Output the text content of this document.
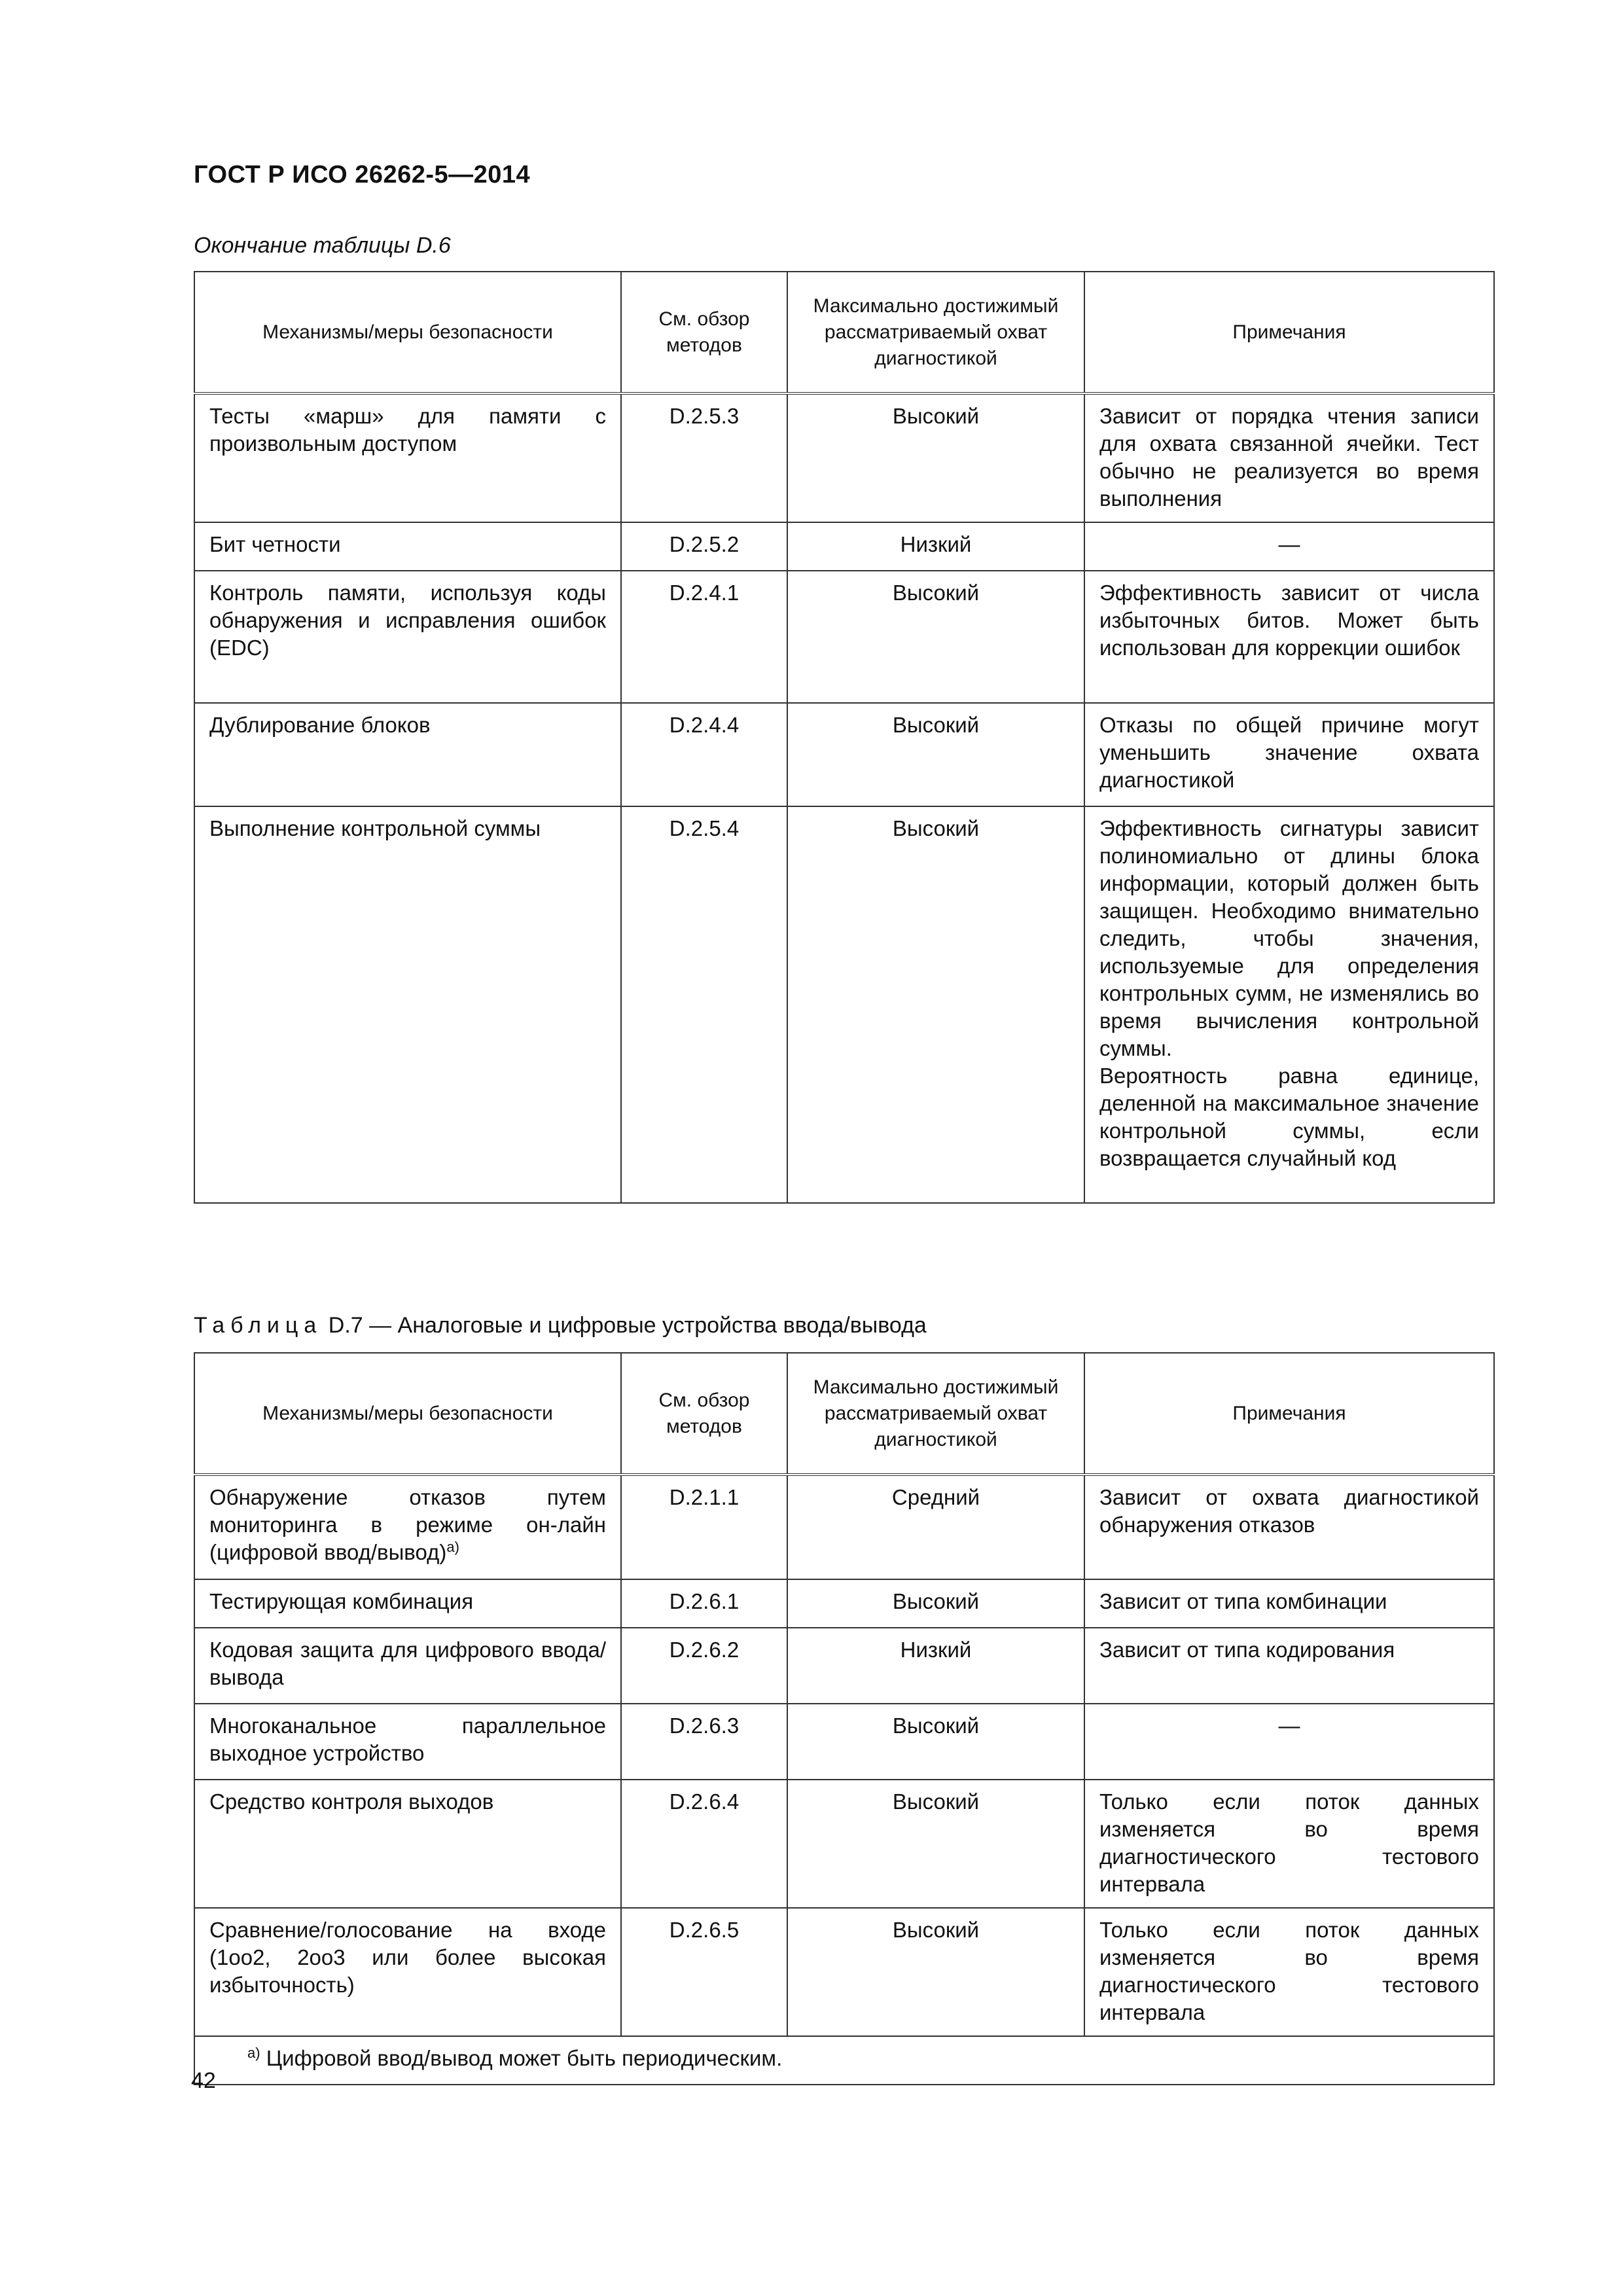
ГОСТ Р ИСО 26262-5—2014
Окончание таблицы D.6
Механизмы/меры безопасности	См. обзор методов	Максимально достижимый рассматриваемый охват диагностикой	Примечания
Тесты «марш» для памяти с произвольным доступом	D.2.5.3	Высокий	Зависит от порядка чтения записи для охвата связанной ячейки. Тест обычно не реализуется во время выполнения
Бит четности	D.2.5.2	Низкий	—
Контроль памяти, используя коды обнаружения и исправления ошибок (EDC)	D.2.4.1	Высокий	Эффективность зависит от числа избыточных битов. Может быть использован для коррекции ошибок
Дублирование блоков	D.2.4.4	Высокий	Отказы по общей причине могут уменьшить значение охвата диагностикой
Выполнение контрольной суммы	D.2.5.4	Высокий	Эффективность сигнатуры зависит полиномиально от длины блока информации, который должен быть защищен. Необходимо внимательно следить, чтобы значения, используемые для определения контрольных сумм, не изменялись во время вычисления контрольной суммы.
Вероятность равна единице, деленной на максимальное значение контрольной суммы, если возвращается случайный код
Таблица D.7 — Аналоговые и цифровые устройства ввода/вывода
Механизмы/меры безопасности	См. обзор методов	Максимально достижимый рассматриваемый охват диагностикой	Примечания
Обнаружение отказов путем мониторинга в режиме он-лайн (цифровой ввод/вывод)$^{a)}$	D.2.1.1	Средний	Зависит от охвата диагностикой обнаружения отказов
Тестирующая комбинация	D.2.6.1	Высокий	Зависит от типа комбинации
Кодовая защита для цифрового ввода/вывода	D.2.6.2	Низкий	Зависит от типа кодирования
Многоканальное параллельное выходное устройство	D.2.6.3	Высокий	—
Средство контроля выходов	D.2.6.4	Высокий	Только если поток данных изменяется во время диагностического тестового интервала
Сравнение/голосование на входе (1oo2, 2oo3 или более высокая избыточность)	D.2.6.5	Высокий	Только если поток данных изменяется во время диагностического тестового интервала
$^{a)}$ Цифровой ввод/вывод может быть периодическим.			
42
